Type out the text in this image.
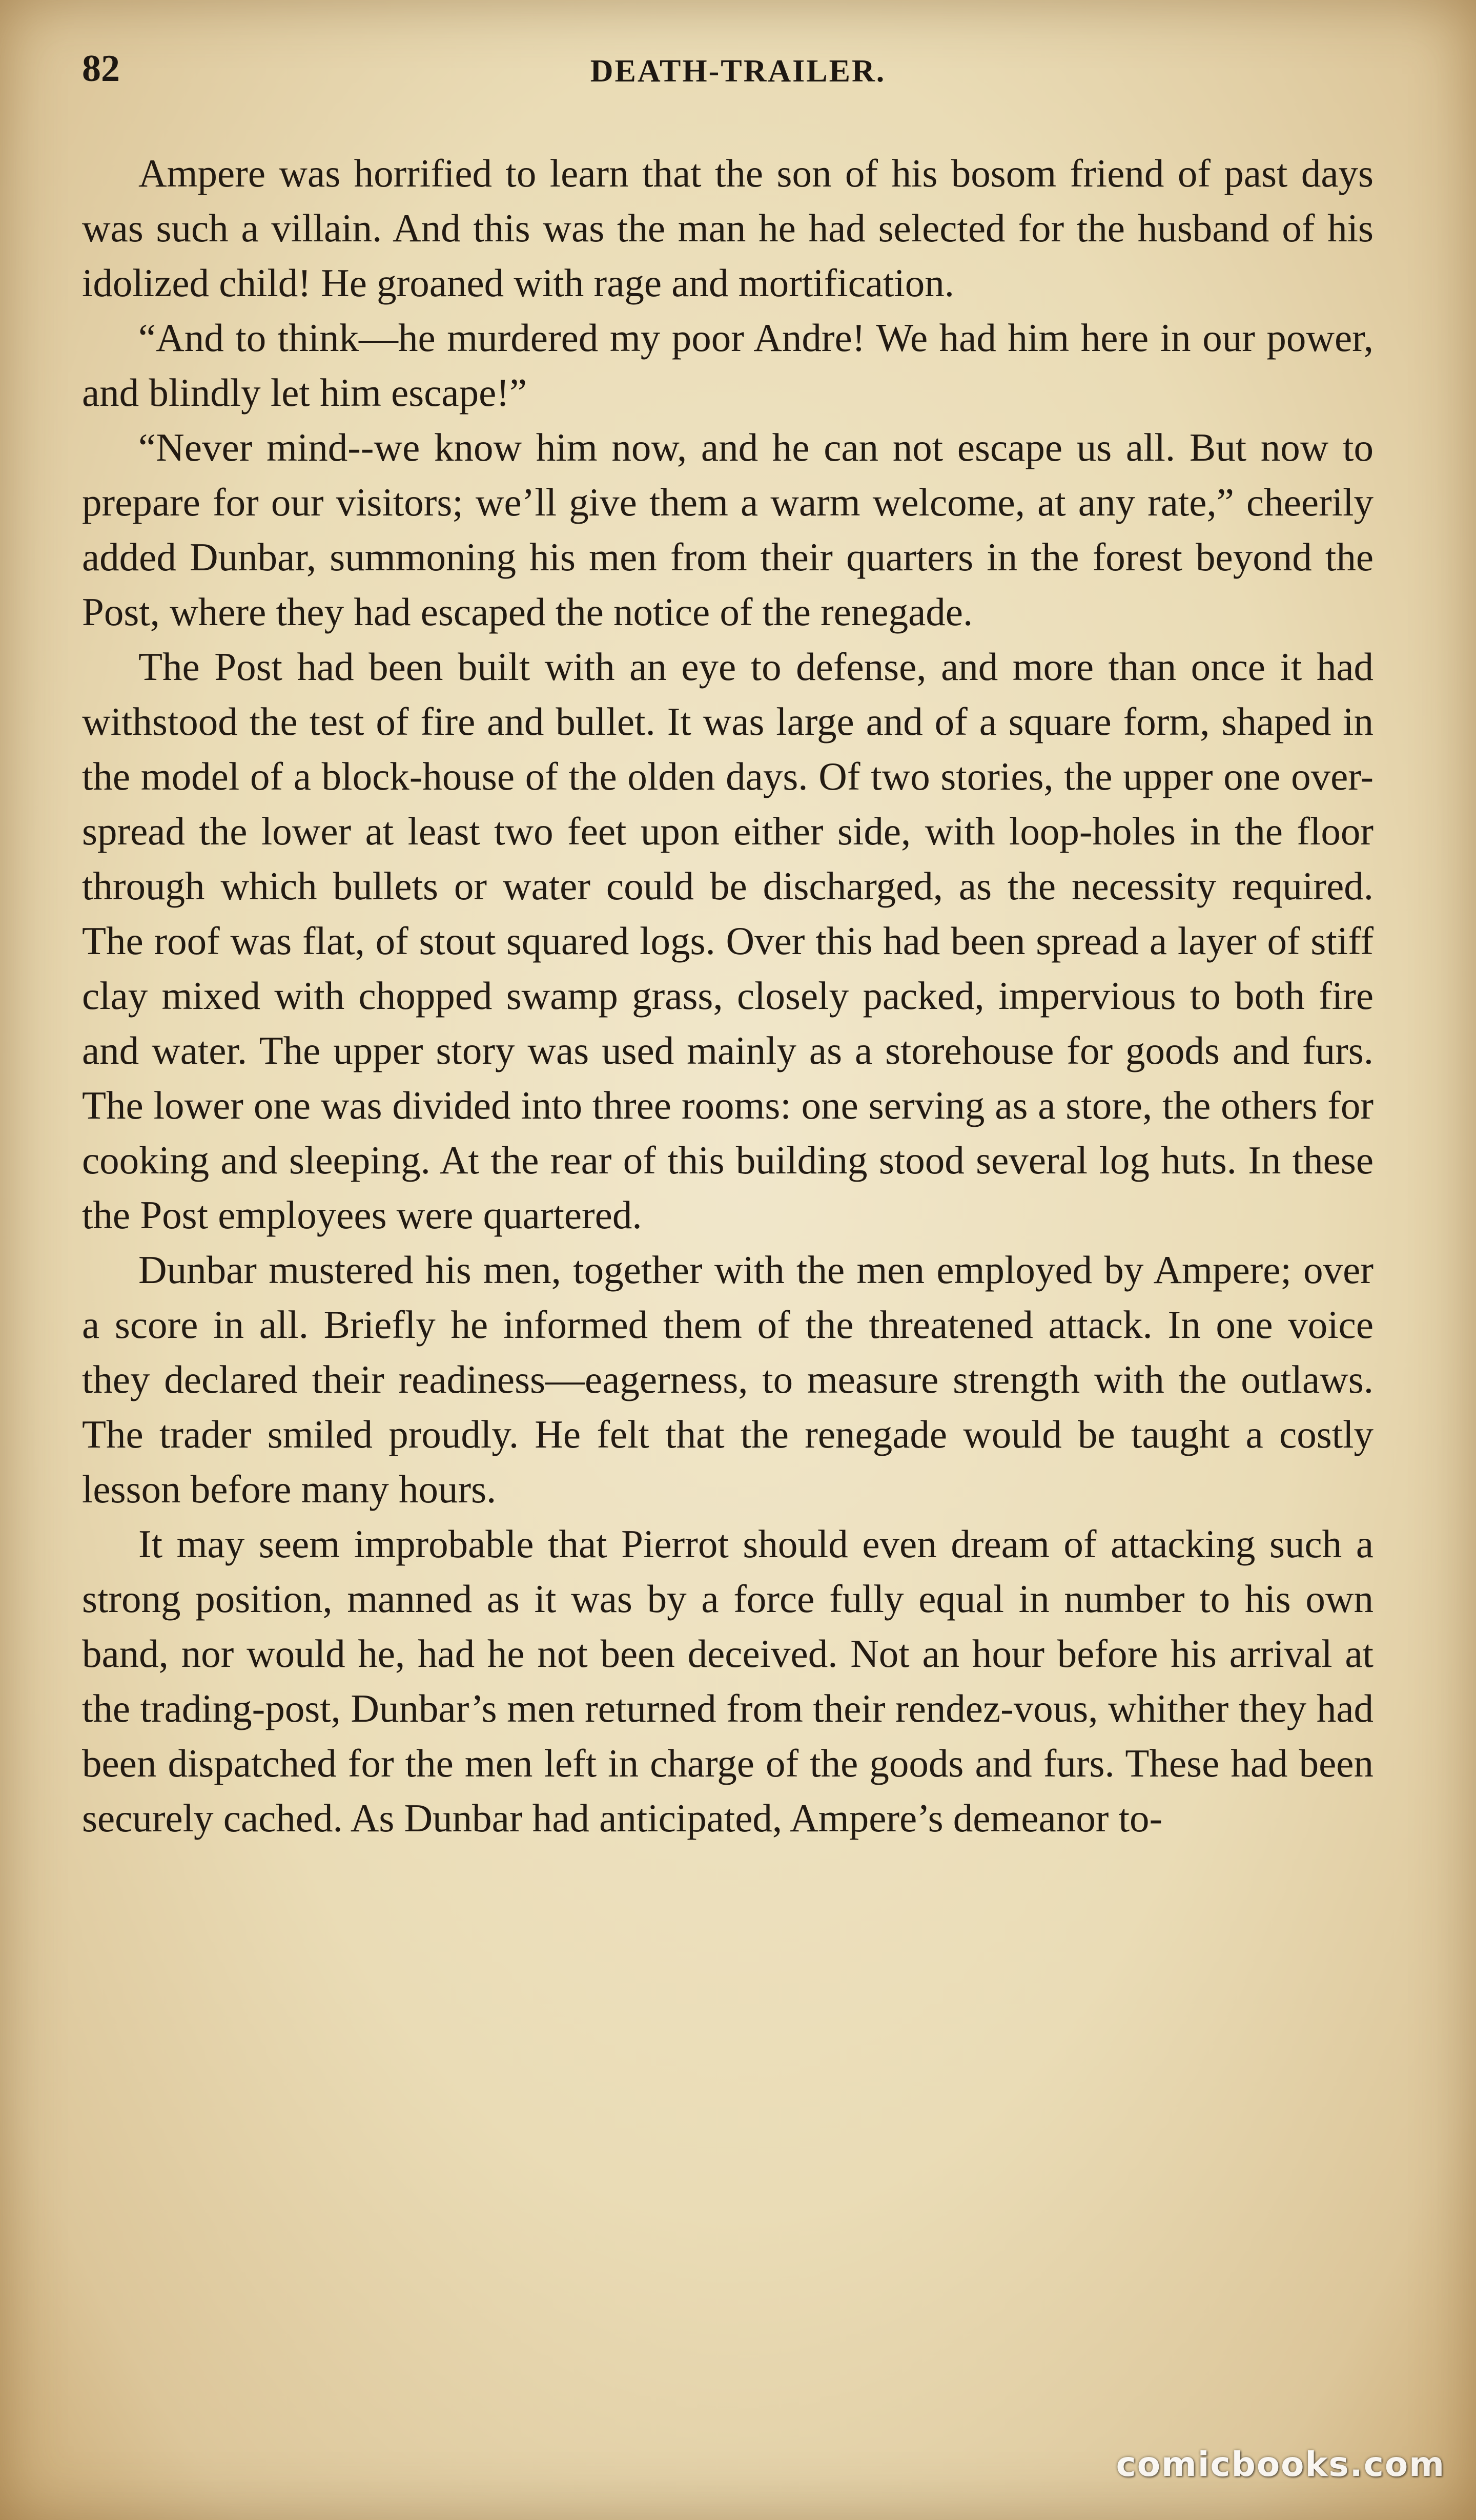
82	DEATH-TRAILER.

Ampere was horrified to learn that the son of his bosom friend of past days was such a villain. And this was the man he had selected for the husband of his idolized child! He groaned with rage and mortification.

“And to think—he murdered my poor Andre! We had him here in our power, and blindly let him escape!”

“Never mind--we know him now, and he can not escape us all. But now to prepare for our visitors; we’ll give them a warm welcome, at any rate,” cheerily added Dunbar, summoning his men from their quarters in the forest beyond the Post, where they had escaped the notice of the renegade.

The Post had been built with an eye to defense, and more than once it had withstood the test of fire and bullet. It was large and of a square form, shaped in the model of a block-house of the olden days. Of two stories, the upper one over-spread the lower at least two feet upon either side, with loop-holes in the floor through which bullets or water could be discharged, as the necessity required. The roof was flat, of stout squared logs. Over this had been spread a layer of stiff clay mixed with chopped swamp grass, closely packed, impervious to both fire and water. The upper story was used mainly as a storehouse for goods and furs. The lower one was divided into three rooms: one serving as a store, the others for cooking and sleeping. At the rear of this building stood several log huts. In these the Post employees were quartered.

Dunbar mustered his men, together with the men employed by Ampere; over a score in all. Briefly he informed them of the threatened attack. In one voice they declared their readiness—eagerness, to measure strength with the outlaws. The trader smiled proudly. He felt that the renegade would be taught a costly lesson before many hours.

It may seem improbable that Pierrot should even dream of attacking such a strong position, manned as it was by a force fully equal in number to his own band, nor would he, had he not been deceived. Not an hour before his arrival at the trading-post, Dunbar’s men returned from their rendez-vous, whither they had been dispatched for the men left in charge of the goods and furs. These had been securely cached. As Dunbar had anticipated, Ampere’s demeanor to-

comicbooks.com
